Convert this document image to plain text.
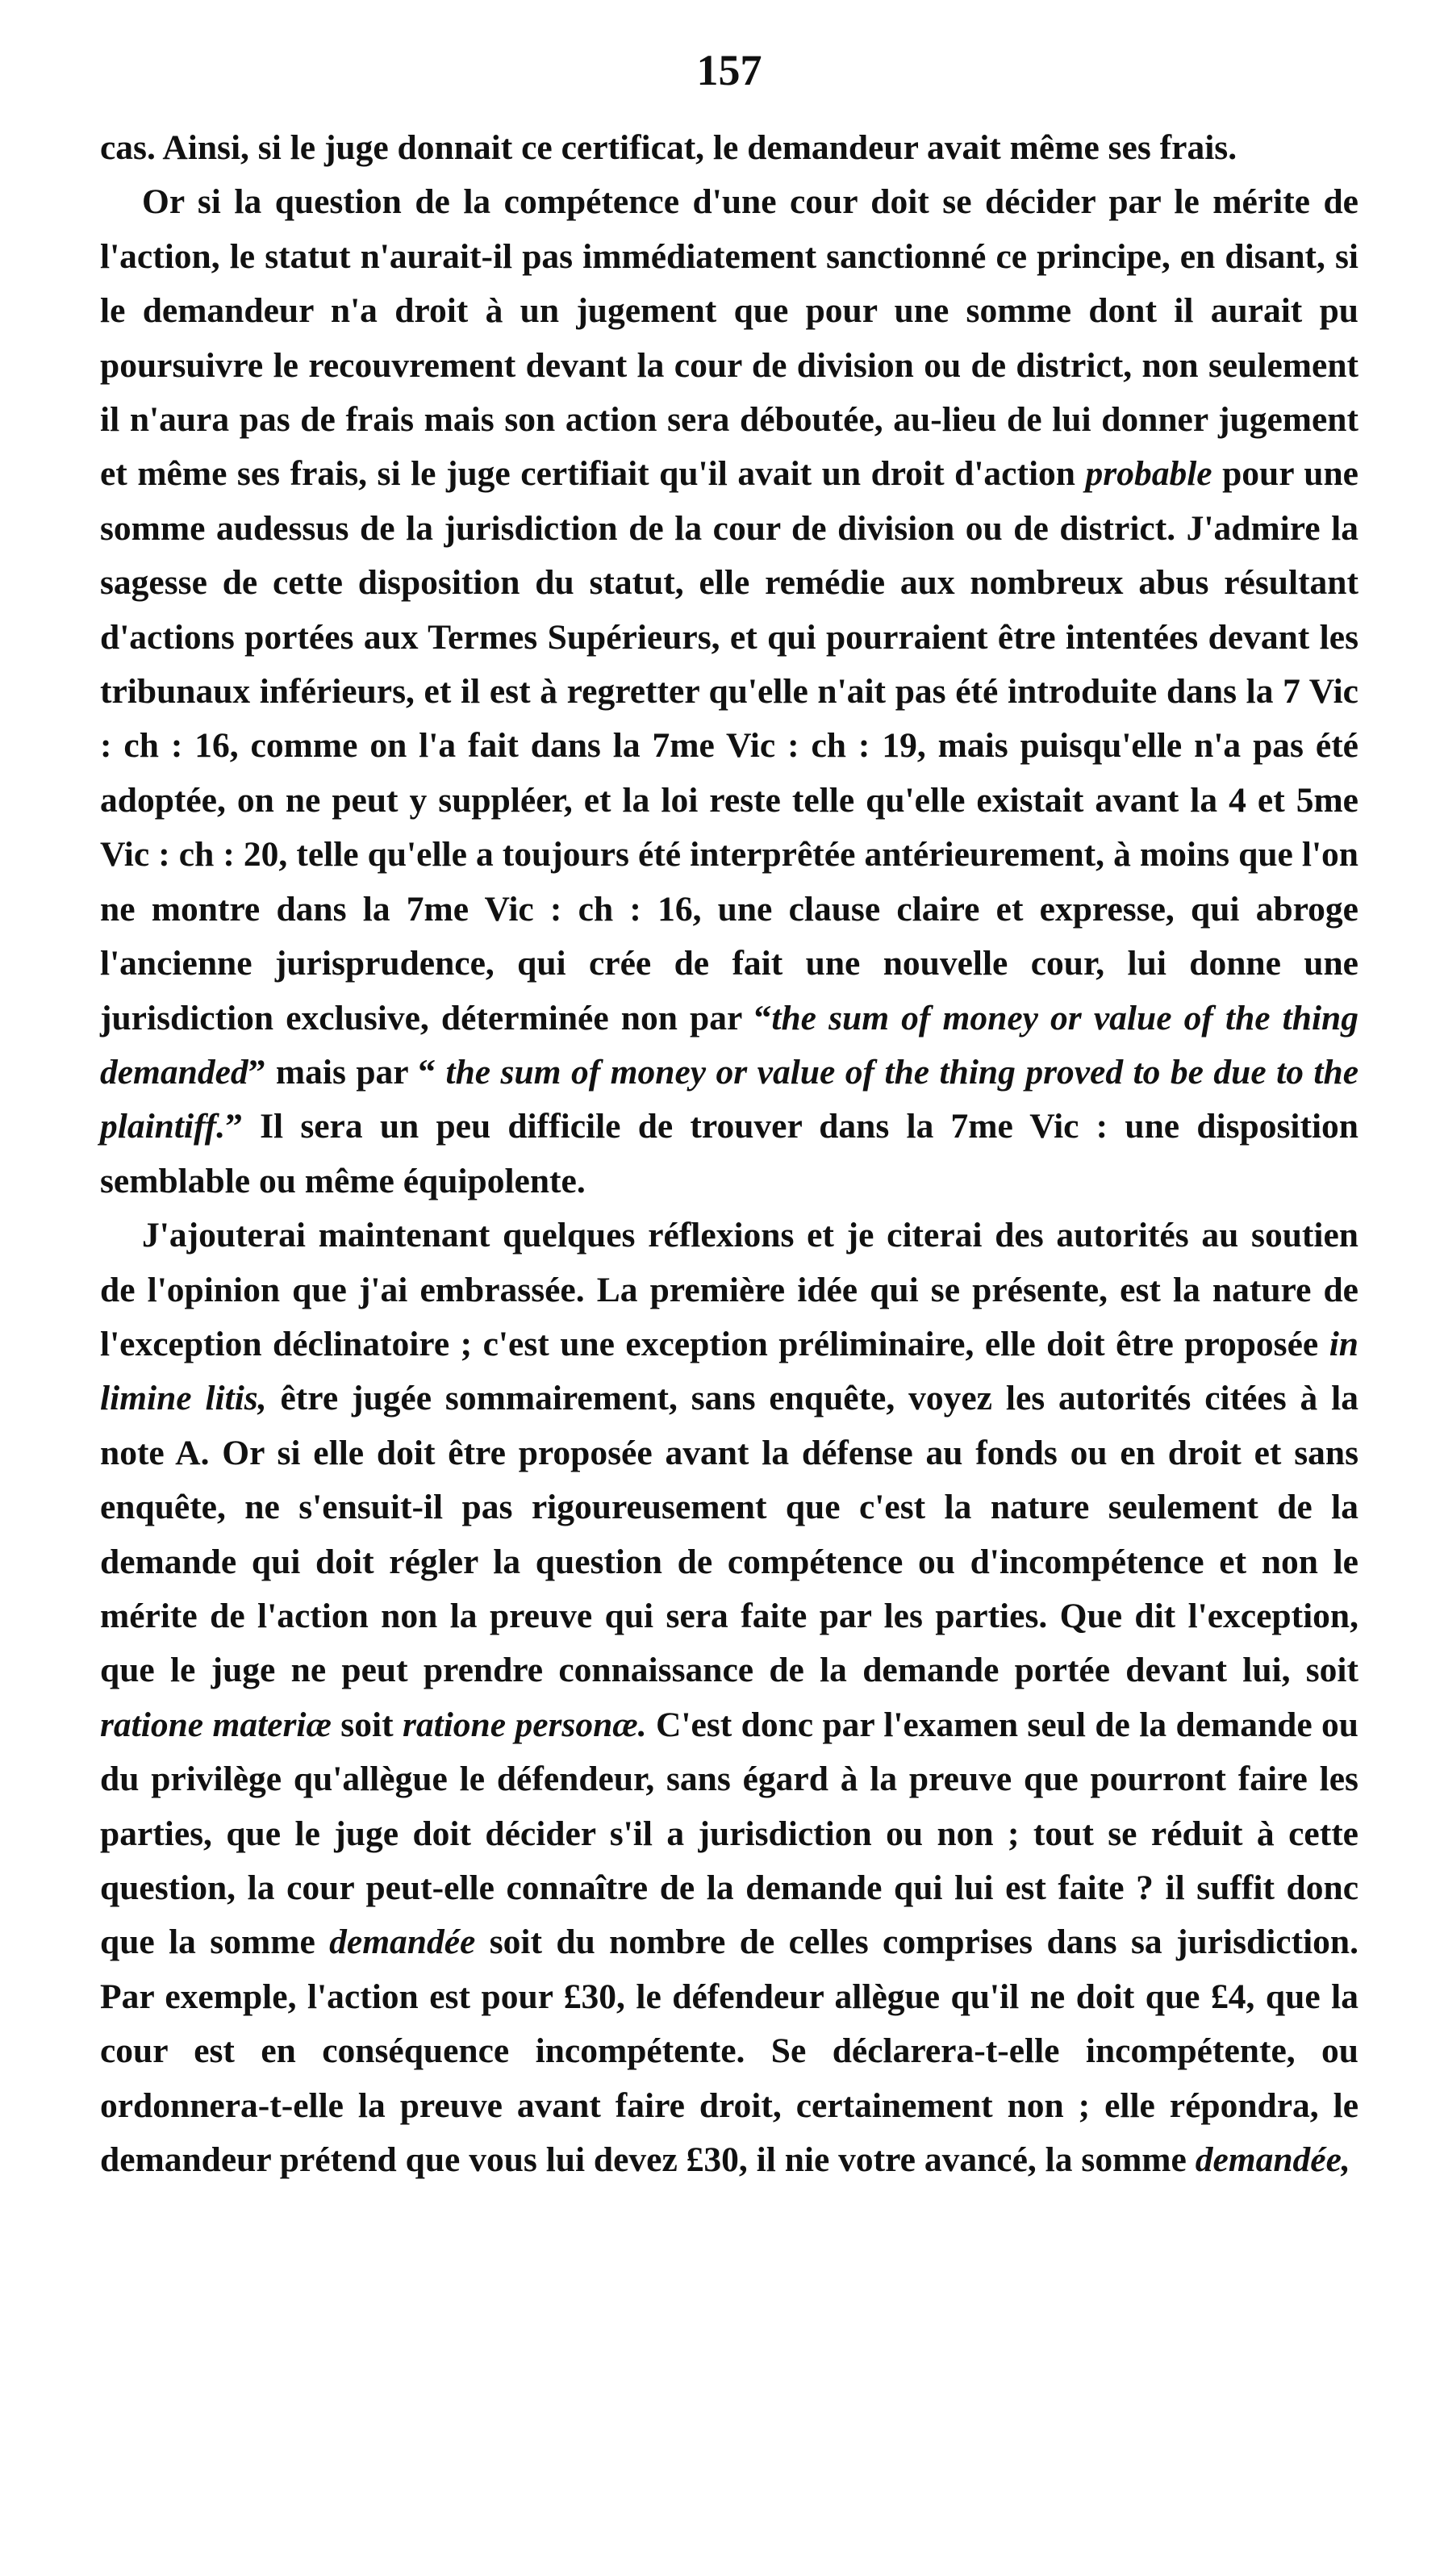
157

cas. Ainsi, si le juge donnait ce certificat, le demandeur avait même ses frais.

Or si la question de la compétence d'une cour doit se décider par le mérite de l'action, le statut n'aurait-il pas immédiatement sanctionné ce principe, en disant, si le demandeur n'a droit à un jugement que pour une somme dont il aurait pu poursuivre le recouvrement devant la cour de division ou de district, non seulement il n'aura pas de frais mais son action sera déboutée, au-lieu de lui donner jugement et même ses frais, si le juge certifiait qu'il avait un droit d'action probable pour une somme audessus de la jurisdiction de la cour de division ou de district. J'admire la sagesse de cette disposition du statut, elle remédie aux nombreux abus résultant d'actions portées aux Termes Supérieurs, et qui pourraient être intentées devant les tribunaux inférieurs, et il est à regretter qu'elle n'ait pas été introduite dans la 7 Vic : ch : 16, comme on l'a fait dans la 7me Vic : ch : 19, mais puisqu'elle n'a pas été adoptée, on ne peut y suppléer, et la loi reste telle qu'elle existait avant la 4 et 5me Vic : ch : 20, telle qu'elle a toujours été interprêtée antérieurement, à moins que l'on ne montre dans la 7me Vic : ch : 16, une clause claire et expresse, qui abroge l'ancienne jurisprudence, qui crée de fait une nouvelle cour, lui donne une jurisdiction exclusive, déterminée non par “the sum of money or value of the thing demanded” mais par “ the sum of money or value of the thing proved to be due to the plaintiff.” Il sera un peu difficile de trouver dans la 7me Vic : une disposition semblable ou même équipolente.

J'ajouterai maintenant quelques réflexions et je citerai des autorités au soutien de l'opinion que j'ai embrassée. La première idée qui se présente, est la nature de l'exception déclinatoire ; c'est une exception préliminaire, elle doit être proposée in limine litis, être jugée sommairement, sans enquête, voyez les autorités citées à la note A. Or si elle doit être proposée avant la défense au fonds ou en droit et sans enquête, ne s'ensuit-il pas rigoureusement que c'est la nature seulement de la demande qui doit régler la question de compétence ou d'incompétence et non le mérite de l'action non la preuve qui sera faite par les parties. Que dit l'exception, que le juge ne peut prendre connaissance de la demande portée devant lui, soit ratione materiæ soit ratione personæ. C'est donc par l'examen seul de la demande ou du privilège qu'allègue le défendeur, sans égard à la preuve que pourront faire les parties, que le juge doit décider s'il a jurisdiction ou non ; tout se réduit à cette question, la cour peut-elle connaître de la demande qui lui est faite ? il suffit donc que la somme demandée soit du nombre de celles comprises dans sa jurisdiction. Par exemple, l'action est pour £30, le défendeur allègue qu'il ne doit que £4, que la cour est en conséquence incompétente. Se déclarera-t-elle incompétente, ou ordonnera-t-elle la preuve avant faire droit, certainement non ; elle répondra, le demandeur prétend que vous lui devez £30, il nie votre avancé, la somme demandée,
